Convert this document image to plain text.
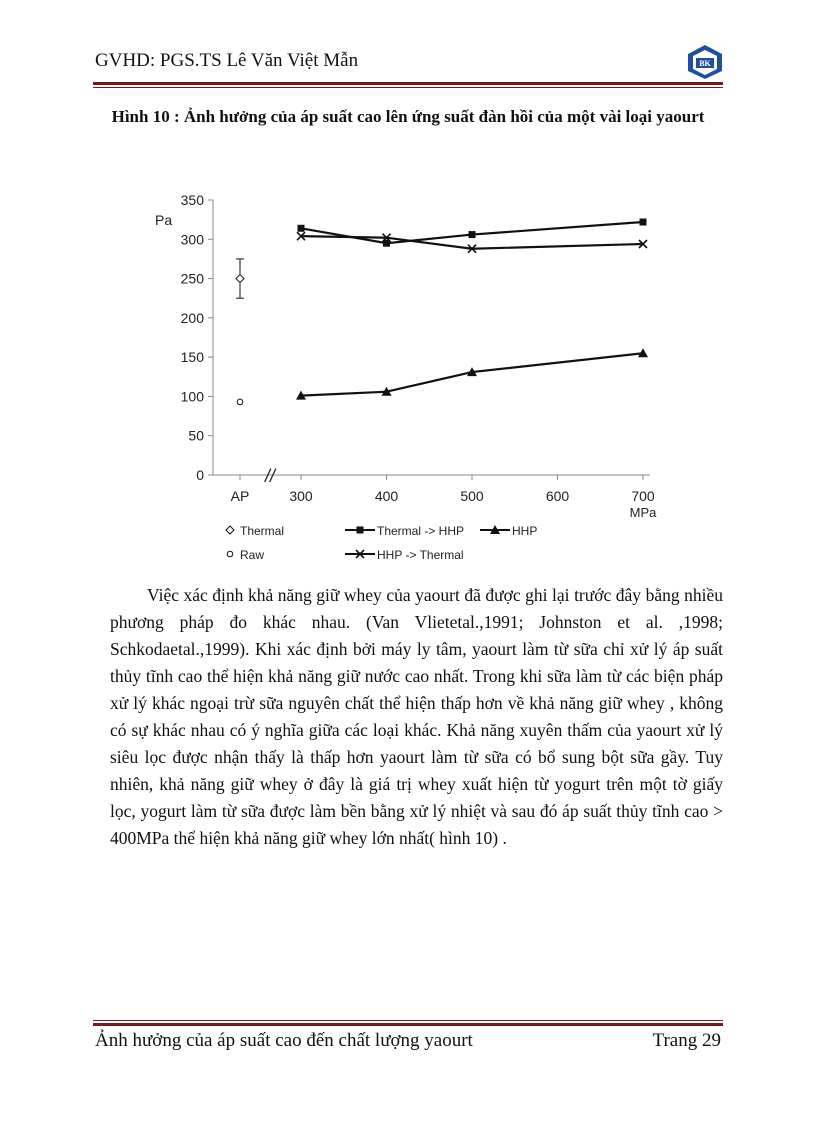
GVHD: PGS.TS Lê Văn Việt Mẫn	BK
Hình 10 : Ảnh hưởng của áp suất cao lên ứng suất đàn hồi của một vài loại yaourt
0
50
100
150
200
250
300
350
Pa
AP	300	400	500	600	700
MPa
//
Thermal -> HHP	HHP
HHP -> Thermal
Thermal
Raw

Việc xác định khả năng giữ whey của yaourt đã được ghi lại trước đây bằng nhiều phương pháp đo khác nhau. (Van Vlietetal.,1991; Johnston et al. ,1998; Schkodaetal.,1999). Khi xác định bởi máy ly tâm, yaourt làm từ sữa chỉ xử lý áp suất thủy tĩnh cao thể hiện khả năng giữ nước cao nhất. Trong khi sữa làm từ các biện pháp xử lý khác ngoại trừ sữa nguyên chất thể hiện thấp hơn về khả năng giữ whey , không có sự khác nhau có ý nghĩa giữa các loại khác. Khả năng xuyên thấm của yaourt xử lý siêu lọc được nhận thấy là thấp hơn yaourt làm từ sữa có bổ sung bột sữa gầy. Tuy nhiên, khả năng giữ whey ở đây là giá trị whey xuất hiện từ yogurt trên một tờ giấy lọc, yogurt làm từ sữa được làm bền bằng xử lý nhiệt và sau đó áp suất thủy tĩnh cao > 400MPa thể hiện khả năng giữ whey lớn nhất( hình 10) .

Ảnh hưởng của áp suất cao đến chất lượng yaourt	Trang 29
